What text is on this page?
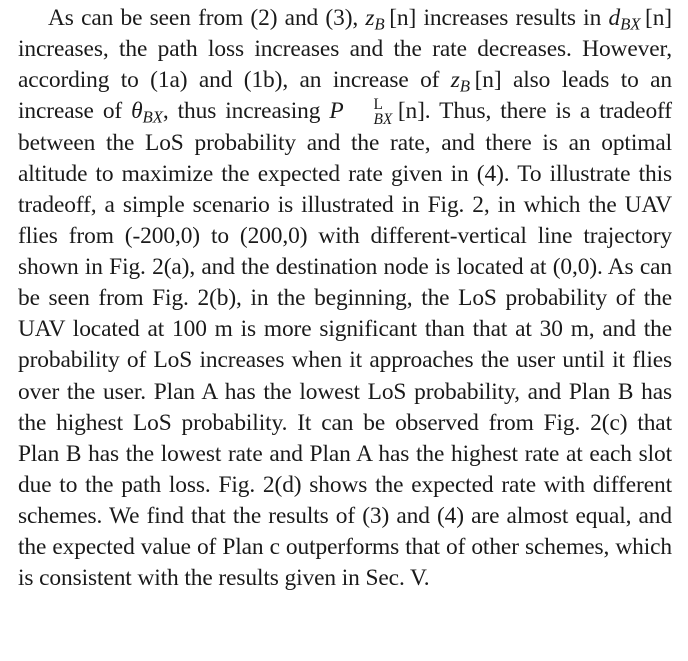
As can be seen from (2) and (3), $z_B$  [n] increases results in $d_{BX}$  [n] increases, the path loss increases and the rate decreases. However, according to (1a) and (1b), an increase of $z_B$  [n] also leads to an increase of $\theta_{BX}$, thus increasing P	L
BX
  [n]. Thus, there is a tradeoff between the LoS probability and the rate, and there is an optimal altitude to maximize the expected rate given in (4). To illustrate this tradeoff, a simple scenario is illustrated in Fig. 2, in which the UAV flies from (-200,0) to (200,0) with different-vertical line trajectory shown in Fig. 2(a), and the destination node is located at (0,0). As can be seen from Fig. 2(b), in the beginning, the LoS probability of the UAV located at 100 m is more significant than that at 30 m, and the probability of LoS increases when it approaches the user until it flies over the user. Plan A has the lowest LoS probability, and Plan B has the highest LoS probability. It can be observed from Fig. 2(c) that Plan B has the lowest rate and Plan A has the highest rate at each slot due to the path loss. Fig. 2(d) shows the expected rate with different schemes. We find that the results of (3) and (4) are almost equal, and the expected value of Plan c outperforms that of other schemes, which is consistent with the results given in Sec. V.
